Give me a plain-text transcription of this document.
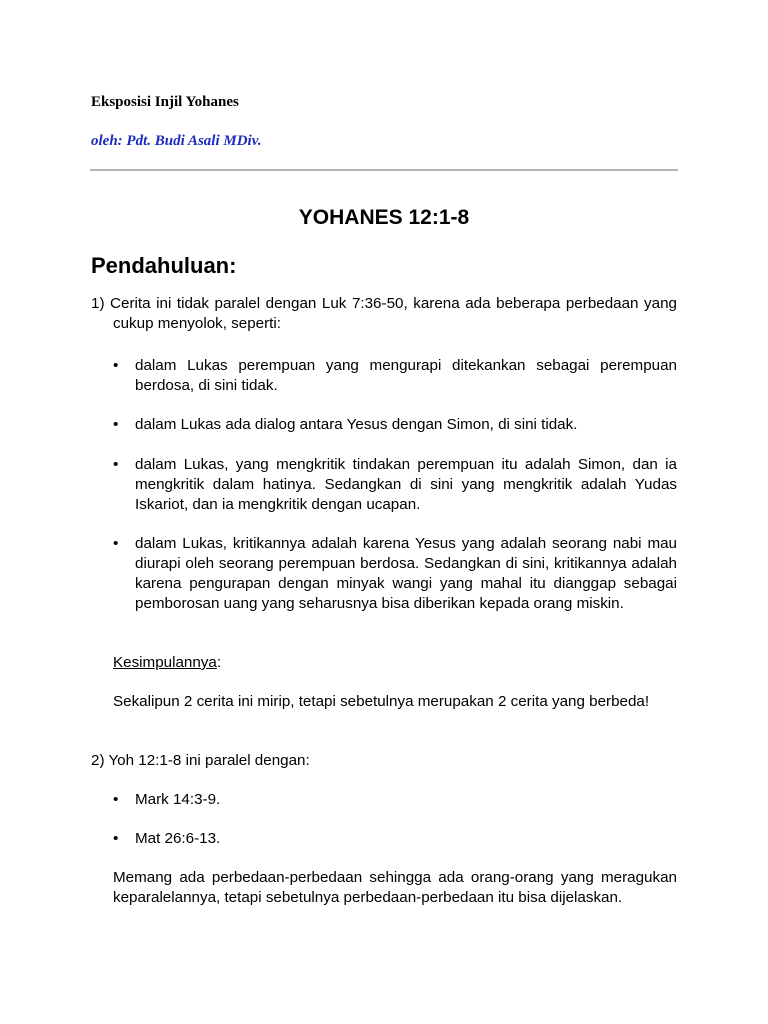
Eksposisi Injil Yohanes

oleh: Pdt. Budi Asali MDiv.

YOHANES 12:1-8
Pendahuluan:

1) Cerita ini tidak paralel dengan Luk 7:36-50, karena ada beberapa perbedaan yang cukup menyolok, seperti:

• dalam Lukas perempuan yang mengurapi ditekankan sebagai perempuan berdosa, di sini tidak.
• dalam Lukas ada dialog antara Yesus dengan Simon, di sini tidak.
• dalam Lukas, yang mengkritik tindakan perempuan itu adalah Simon, dan ia mengkritik dalam hatinya. Sedangkan di sini yang mengkritik adalah Yudas Iskariot, dan ia mengkritik dengan ucapan.
• dalam Lukas, kritikannya adalah karena Yesus yang adalah seorang nabi mau diurapi oleh seorang perempuan berdosa. Sedangkan di sini, kritikannya adalah karena pengurapan dengan minyak wangi yang mahal itu dianggap sebagai pemborosan uang yang seharusnya bisa diberikan kepada orang miskin.

Kesimpulannya:

Sekalipun 2 cerita ini mirip, tetapi sebetulnya merupakan 2 cerita yang berbeda!

2) Yoh 12:1-8 ini paralel dengan:

• Mark 14:3-9.
• Mat 26:6-13.

Memang ada perbedaan-perbedaan sehingga ada orang-orang yang meragukan keparalelannya, tetapi sebetulnya perbedaan-perbedaan itu bisa dijelaskan.
